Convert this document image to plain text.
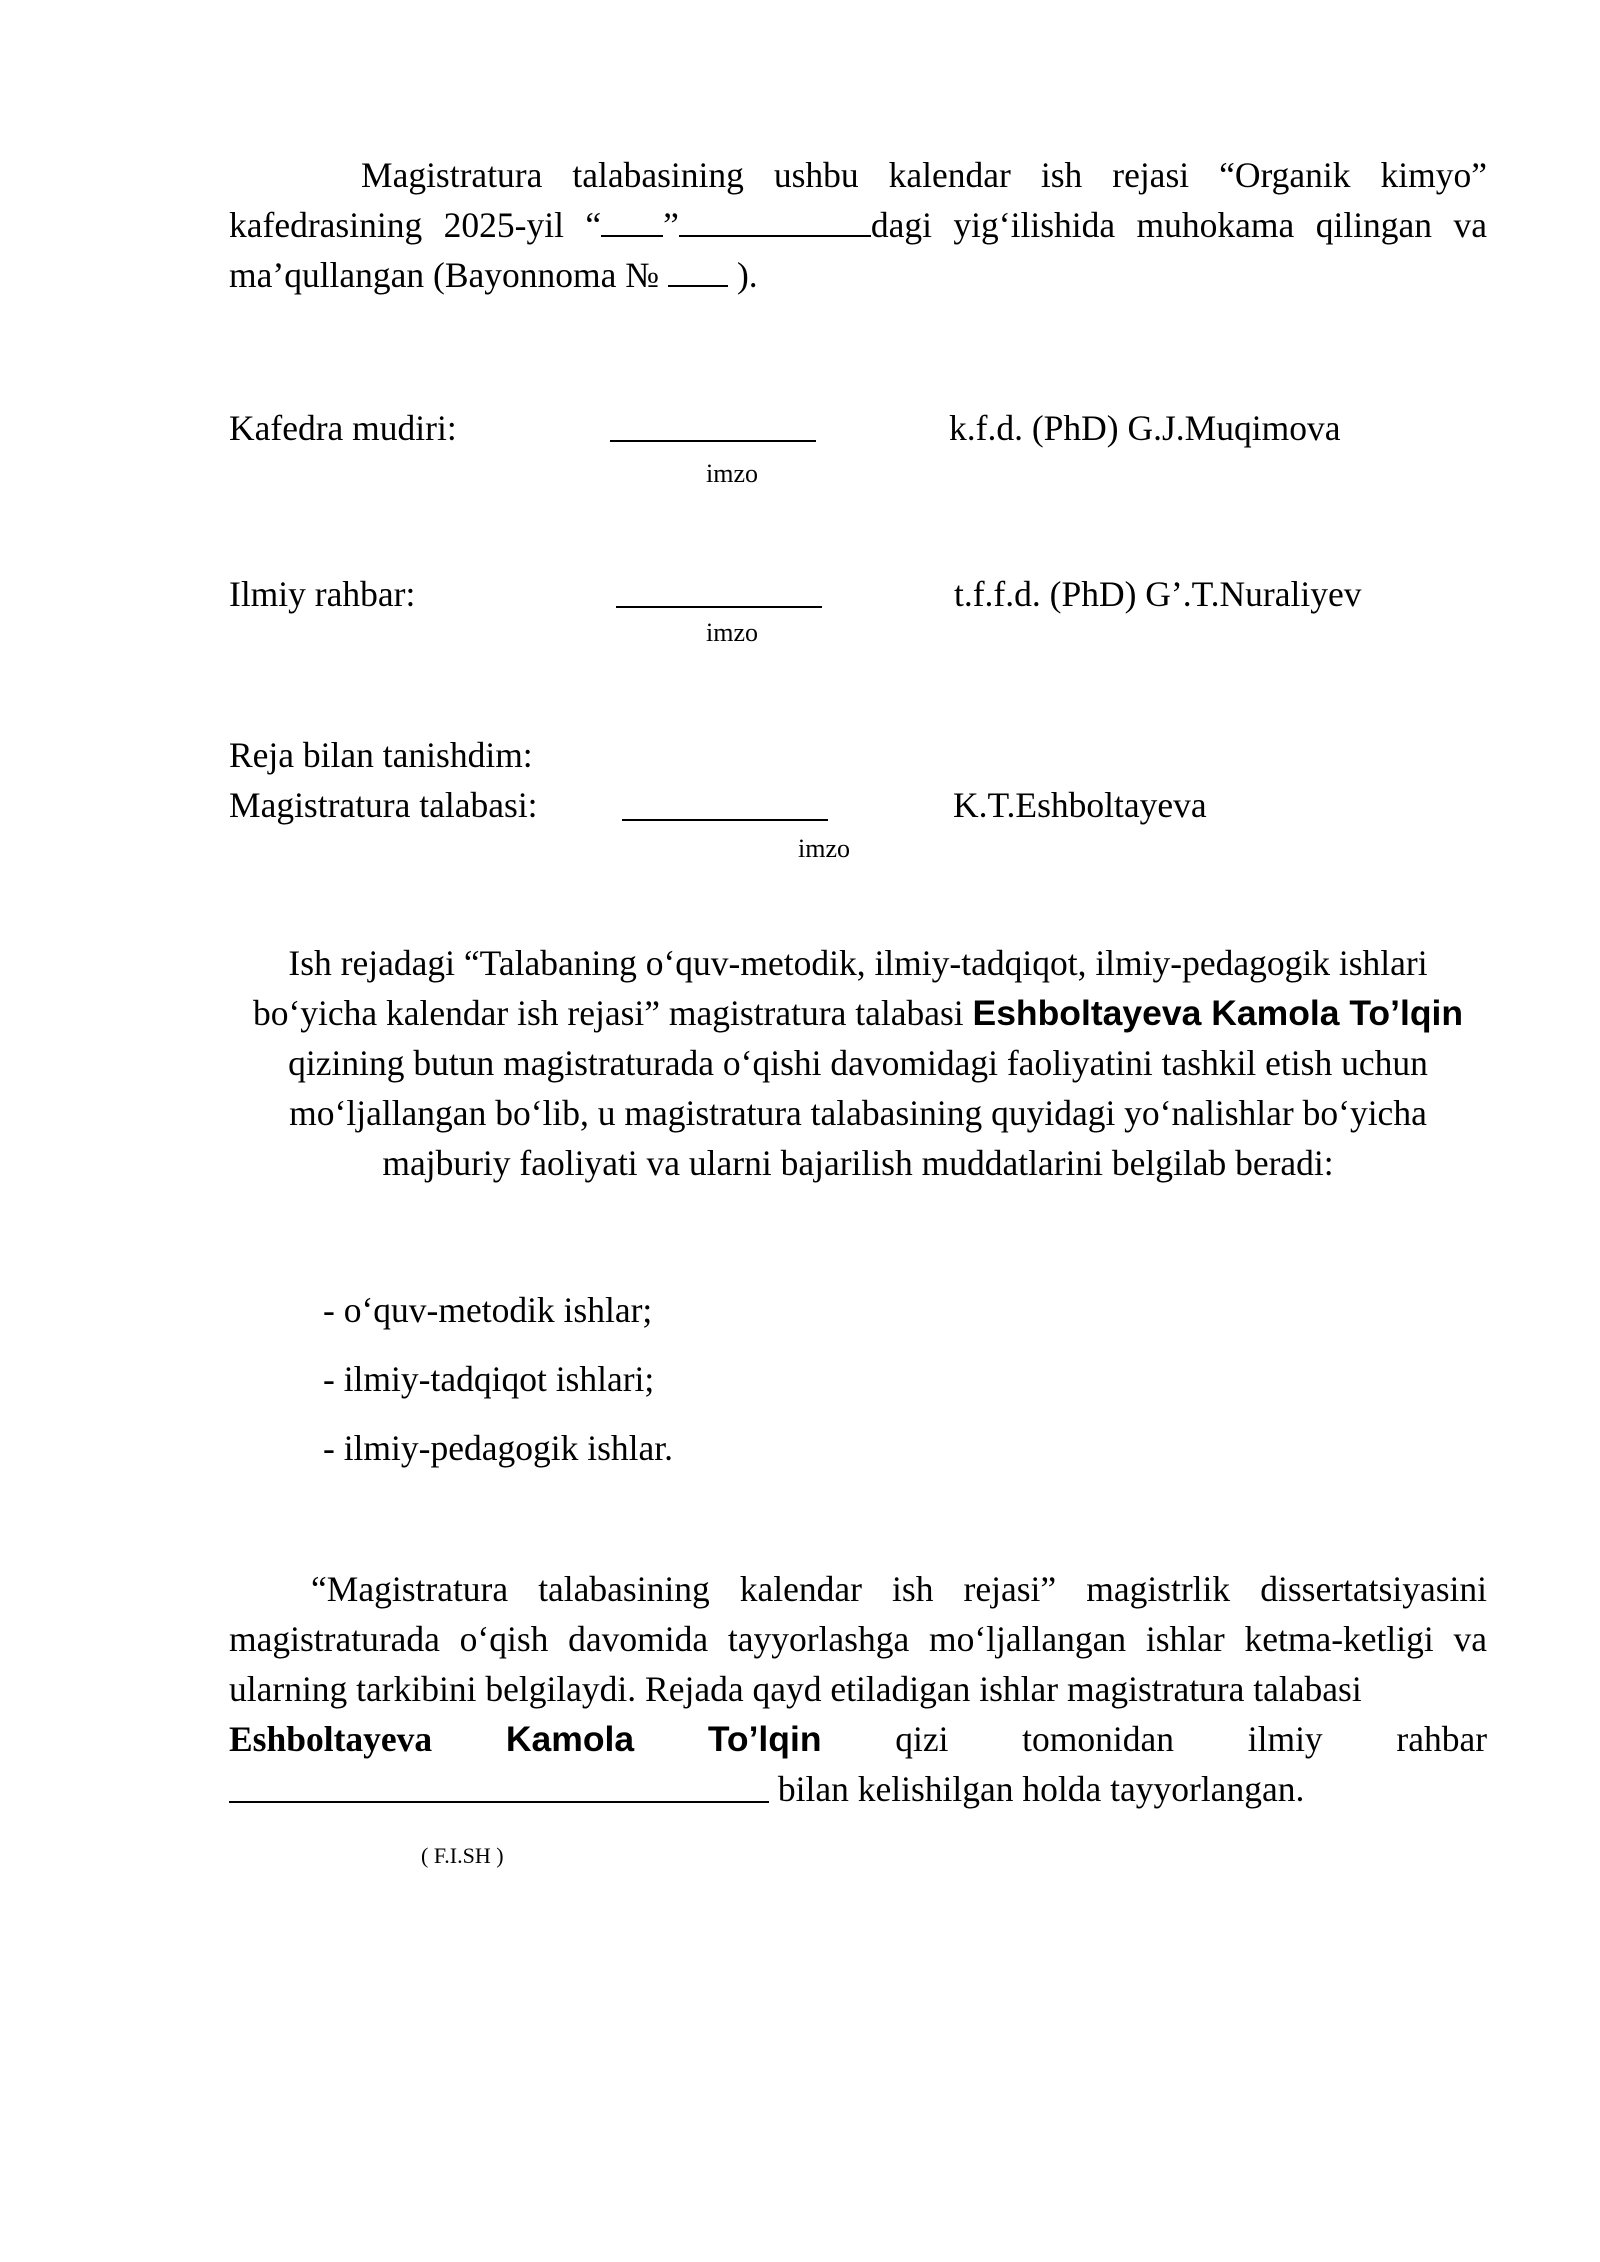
Magistratura talabasining ushbu kalendar ish rejasi “Organik kimyo” kafedrasining 2025-yil “ ”	dagi yig‘ilishida muhokama qilingan va ma’qullangan (Bayonnoma №  ).
Kafedra mudiri:
imzo
k.f.d. (PhD) G.J.Muqimova
Ilmiy rahbar:
imzo
t.f.f.d. (PhD) G’.T.Nuraliyev
Reja bilan tanishdim:
Magistratura talabasi:
imzo
K.T.Eshboltayeva
Ish rejadagi “Talabaning o‘quv-metodik, ilmiy-tadqiqot, ilmiy-pedagogik ishlari bo‘yicha kalendar ish rejasi” magistratura talabasi Eshboltayeva Kamola To’lqin qizining butun magistraturada o‘qishi davomidagi faoliyatini tashkil etish uchun mo‘ljallangan bo‘lib, u magistratura talabasining quyidagi yo‘nalishlar bo‘yicha majburiy faoliyati va ularni bajarilish muddatlarini belgilab beradi:
- o‘quv-metodik ishlar;
- ilmiy-tadqiqot ishlari;
- ilmiy-pedagogik ishlar.
“Magistratura talabasining kalendar ish rejasi” magistrlik dissertatsiyasini magistraturada o‘qish davomida tayyorlashga mo‘ljallangan ishlar ketma-ketligi va ularning tarkibini belgilaydi. Rejada qayd etiladigan ishlar magistratura talabasi
Eshboltayeva Kamola To’lqin qizi tomonidan ilmiy rahbar
bilan kelishilgan holda tayyorlangan.
( F.I.SH )
